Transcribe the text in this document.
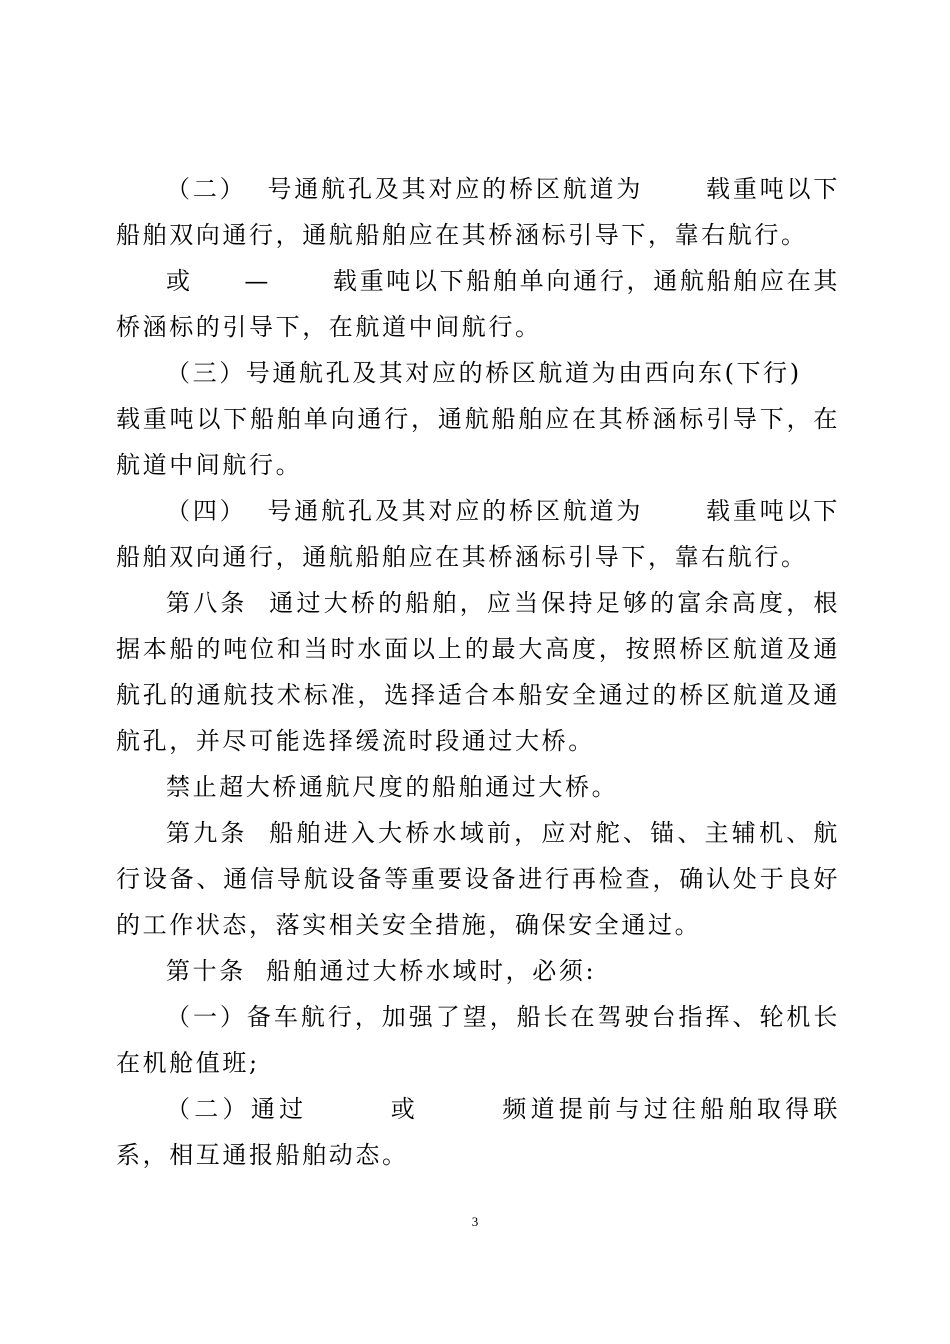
（二）  号通航孔及其对应的桥区航道为      载重吨以下船舶双向通行，通航船舶应在其桥涵标引导下，靠右航行。

或     —      载重吨以下船舶单向通行，通航船舶应在其桥涵标的引导下，在航道中间航行。

（三）号通航孔及其对应的桥区航道为由西向东(下行)

载重吨以下船舶单向通行，通航船舶应在其桥涵标引导下，在航道中间航行。

（四）  号通航孔及其对应的桥区航道为      载重吨以下船舶双向通行，通航船舶应在其桥涵标引导下，靠右航行。

第八条  通过大桥的船舶，应当保持足够的富余高度，根据本船的吨位和当时水面以上的最大高度，按照桥区航道及通航孔的通航技术标准，选择适合本船安全通过的桥区航道及通航孔，并尽可能选择缓流时段通过大桥。

禁止超大桥通航尺度的船舶通过大桥。

第九条  船舶进入大桥水域前，应对舵、锚、主辅机、航行设备、通信导航设备等重要设备进行再检查，确认处于良好的工作状态，落实相关安全措施，确保安全通过。

第十条  船舶通过大桥水域时，必须:

（一）备车航行，加强了望，船长在驾驶台指挥、轮机长在机舱值班;

（二）通过       或       频道提前与过往船舶取得联系，相互通报船舶动态。

3
